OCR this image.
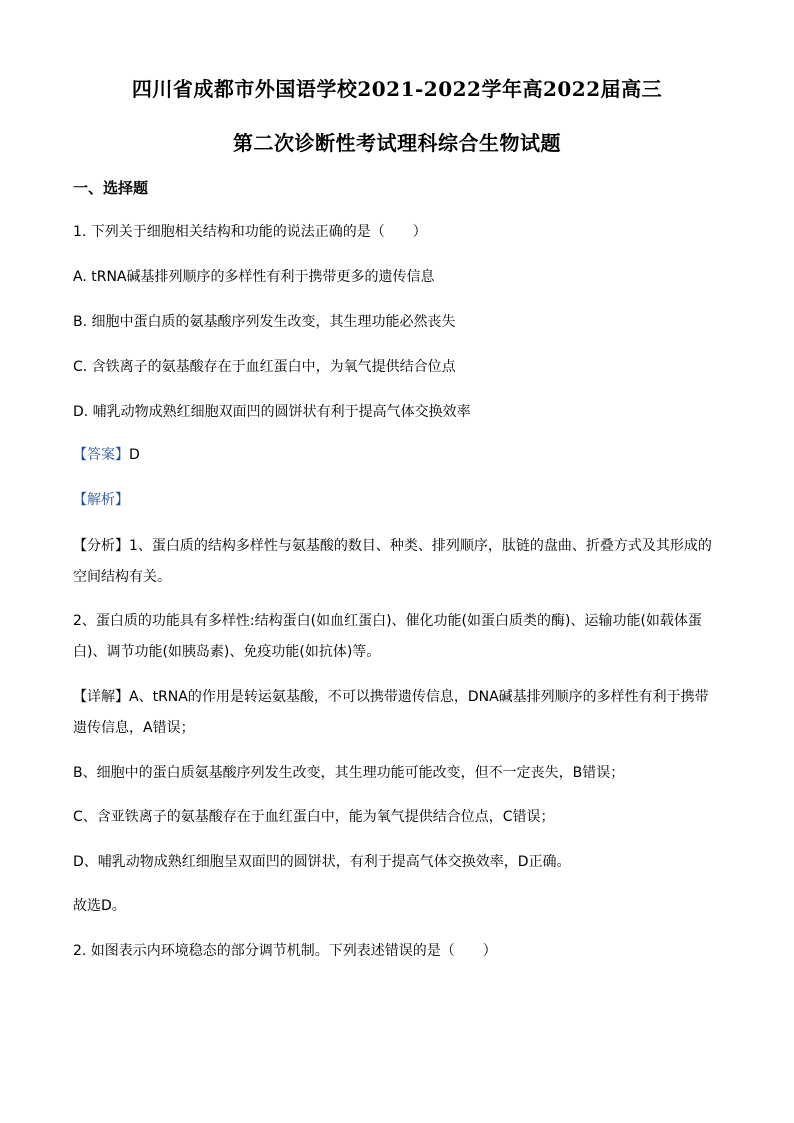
四川省成都市外国语学校2021-2022学年高2022届高三
第二次诊断性考试理科综合生物试题
一、选择题
1. 下列关于细胞相关结构和功能的说法正确的是（　　）
A. tRNA碱基排列顺序的多样性有利于携带更多的遗传信息
B. 细胞中蛋白质的氨基酸序列发生改变，其生理功能必然丧失
C. 含铁离子的氨基酸存在于血红蛋白中，为氧气提供结合位点
D. 哺乳动物成熟红细胞双面凹的圆饼状有利于提高气体交换效率
【答案】D
【解析】
【分析】1、蛋白质的结构多样性与氨基酸的数目、种类、排列顺序，肽链的盘曲、折叠方式及其形成的
空间结构有关。
2、蛋白质的功能具有多样性:结构蛋白(如血红蛋白)、催化功能(如蛋白质类的酶)、运输功能(如载体蛋
白)、调节功能(如胰岛素)、免疫功能(如抗体)等。
【详解】A、tRNA的作用是转运氨基酸，不可以携带遗传信息，DNA碱基排列顺序的多样性有利于携带
遗传信息，A错误；
B、细胞中的蛋白质氨基酸序列发生改变，其生理功能可能改变，但不一定丧失，B错误；
C、含亚铁离子的氨基酸存在于血红蛋白中，能为氧气提供结合位点，C错误；
D、哺乳动物成熟红细胞呈双面凹的圆饼状，有利于提高气体交换效率，D正确。
故选D。
2. 如图表示内环境稳态的部分调节机制。下列表述错误的是（　　）
